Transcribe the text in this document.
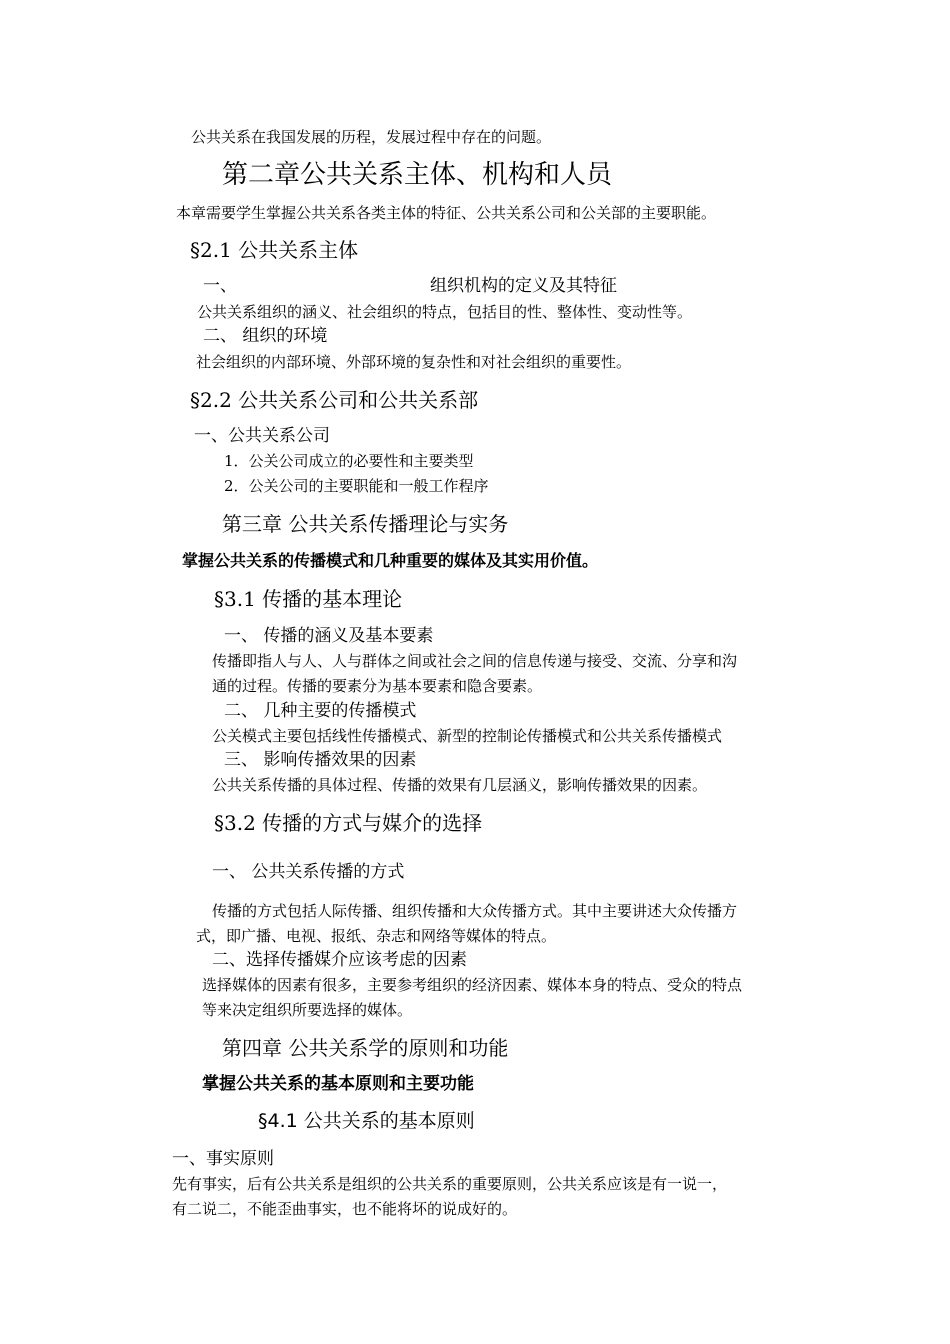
公共关系在我国发展的历程，发展过程中存在的问题。
第二章公共关系主体、机构和人员
本章需要学生掌握公共关系各类主体的特征、公共关系公司和公关部的主要职能。
§2.1 公共关系主体
一、	组织机构的定义及其特征
公共关系组织的涵义、社会组织的特点，包括目的性、整体性、变动性等。
二、 组织的环境
社会组织的内部环境、外部环境的复杂性和对社会组织的重要性。
§2.2 公共关系公司和公共关系部
一、公共关系公司
1．公关公司成立的必要性和主要类型
2．公关公司的主要职能和一般工作程序
第三章 公共关系传播理论与实务
掌握公共关系的传播模式和几种重要的媒体及其实用价值。
§3.1 传播的基本理论
一、 传播的涵义及基本要素
传播即指人与人、人与群体之间或社会之间的信息传递与接受、交流、分享和沟
通的过程。传播的要素分为基本要素和隐含要素。
二、 几种主要的传播模式
公关模式主要包括线性传播模式、新型的控制论传播模式和公共关系传播模式
三、 影响传播效果的因素
公共关系传播的具体过程、传播的效果有几层涵义，影响传播效果的因素。
§3.2 传播的方式与媒介的选择
一、 公共关系传播的方式
传播的方式包括人际传播、组织传播和大众传播方式。其中主要讲述大众传播方
式，即广播、电视、报纸、杂志和网络等媒体的特点。
二、选择传播媒介应该考虑的因素
选择媒体的因素有很多，主要参考组织的经济因素、媒体本身的特点、受众的特点
等来决定组织所要选择的媒体。
第四章 公共关系学的原则和功能
掌握公共关系的基本原则和主要功能
§4.1 公共关系的基本原则
一、事实原则
先有事实，后有公共关系是组织的公共关系的重要原则，公共关系应该是有一说一，
有二说二，不能歪曲事实，也不能将坏的说成好的。
